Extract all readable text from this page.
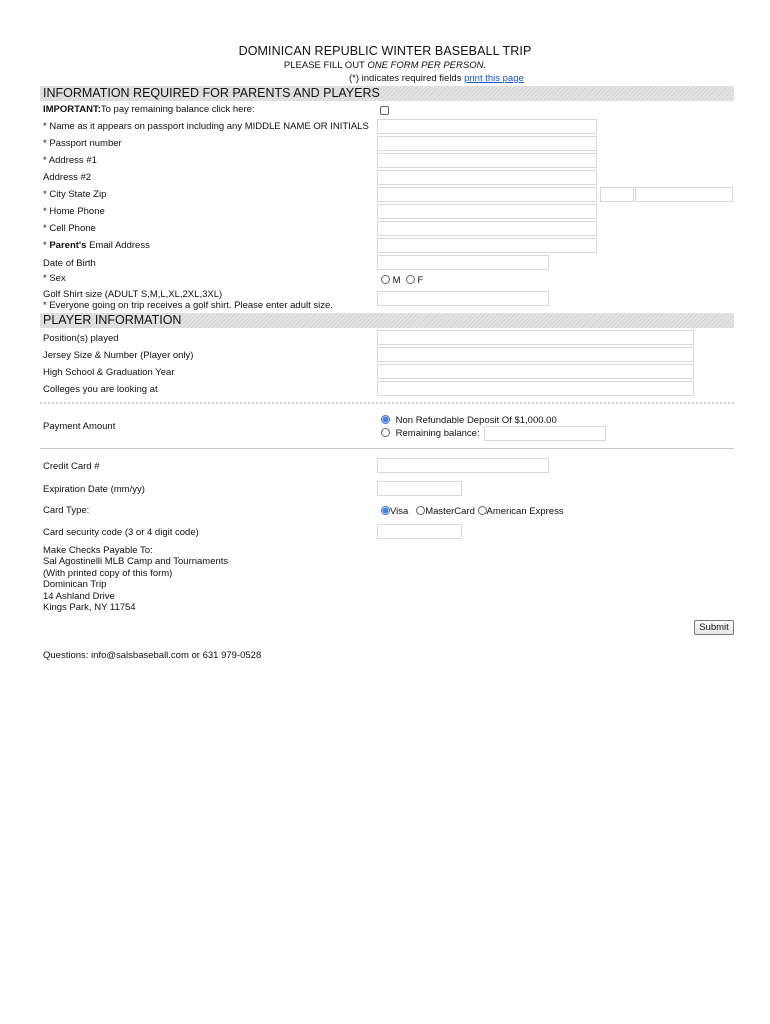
DOMINICAN REPUBLIC WINTER BASEBALL TRIP
PLEASE FILL OUT ONE FORM PER PERSON.
(*) indicates required fields print this page
INFORMATION REQUIRED FOR PARENTS AND PLAYERS
IMPORTANT:To pay remaining balance click here:
* Name as it appears on passport including any MIDDLE NAME OR INITIALS
* Passport number
* Address #1
Address #2
* City State Zip
* Home Phone
* Cell Phone
* Parent's Email Address
Date of Birth
* Sex	M F
Golf Shirt size (ADULT S,M,L,XL,2XL,3XL)
* Everyone going on trip receives a golf shirt. Please enter adult size.
PLAYER INFORMATION
Position(s) played
Jersey Size & Number (Player only)
High School & Graduation Year
Colleges you are looking at
Payment Amount
Non Refundable Deposit Of $1,000.00
Remaining balance:
Credit Card #
Expiration Date (mm/yy)
Card Type:	Visa MasterCard American Express
Card security code (3 or 4 digit code)
Make Checks Payable To:
Sal Agostinelli MLB Camp and Tournaments
(With printed copy of this form)
Dominican Trip
14 Ashland Drive
Kings Park, NY 11754
Submit
Questions: info@salsbaseball.com or 631 979-0528
